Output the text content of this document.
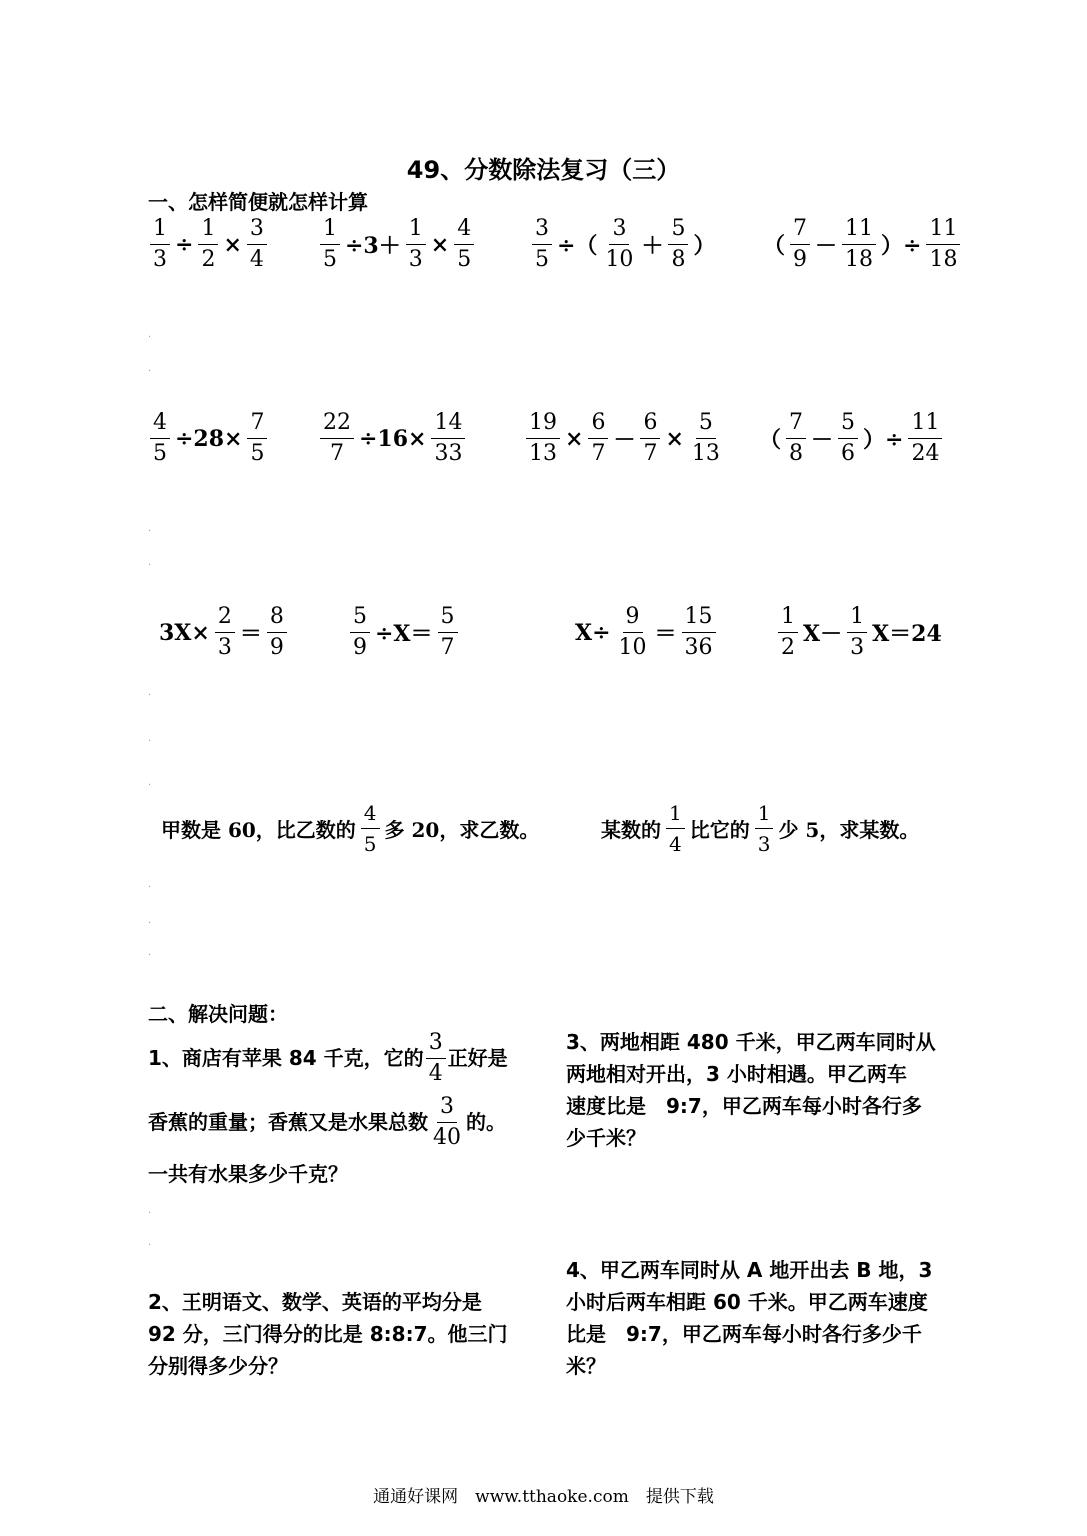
49、分数除法复习（三）
一、怎样简便就怎样计算
$\frac{1}{3} \div \frac{1}{2} \times \frac{3}{4} \frac{1}{5} \div 3+ \frac{1}{3} \times \frac{4}{5}$	$\frac{3}{5}$ ÷（ $\frac{3}{10} + \frac{5}{8}$ ） （ $\frac{7}{9} - \frac{11}{18}$ ）÷ $\frac{11}{18}$
$\frac{4}{5} \div 28\times \frac{7}{5} \frac{22}{7} \div 16\times \frac{14}{33}$	$\frac{19}{13} \times \frac{6}{7} - \frac{6}{7} \times \frac{5}{13}$ （ $\frac{7}{8} - \frac{5}{6}$ ）÷ $\frac{11}{24}$
$3X\times \frac{2}{3} = \frac{8}{9}$	$\frac{5}{9} \div X= \frac{5}{7}$	$X\div \frac{9}{10} = \frac{15}{36}$	$\frac{1}{2} X- \frac{1}{3} X=24$
甲数是 60，比乙数的 $\frac{4}{5}$ 多 20，求乙数。	某数的 $\frac{1}{4}$ 比它的 $\frac{1}{3}$ 少 5，求某数。
·
·
·
·
·
·
·
·
·
·
·
·
二、解决问题：
1、商店有苹果 84 千克，它的 $\frac{3}{4}$ 正好是
香蕉的重量；香蕉又是水果总数 $\frac{3}{40}$ 的。
一共有水果多少千克？
2、王明语文、数学、英语的平均分是
92 分，三门得分的比是 8:8:7。他三门
分别得多少分？
3、两地相距 480 千米，甲乙两车同时从
两地相对开出，3 小时相遇。甲乙两车
速度比是　9:7，甲乙两车每小时各行多
少千米？
4、甲乙两车同时从 A 地开出去 B 地，3
小时后两车相距 60 千米。甲乙两车速度
比是　9:7，甲乙两车每小时各行多少千
米？
通通好课网　www.tthaoke.com　提供下载
